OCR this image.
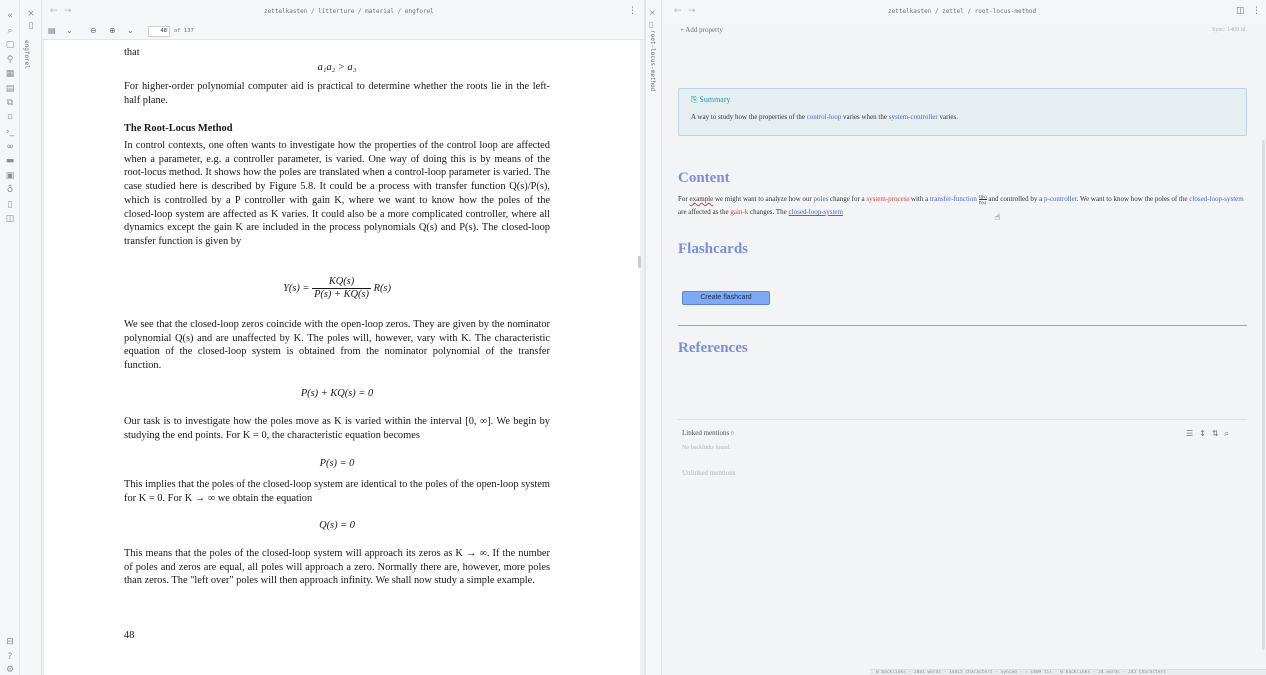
«
⌕
▢
⚲
▦
▤
⧉
⌑
›_
∞
▬
▣
♁
▯
◫
⊟
?
⚙
×
▯
engforel
← →	zettelkasten / litterture / material / engforel	⋮
▤ ⌄ ⊖ ⊕ ⌄	48	of 137
that
a₁a₂ > a₃
For higher-order polynomial computer aid is practical to determine whether the roots lie in the left-half plane.
The Root-Locus Method
In control contexts, one often wants to investigate how the properties of the control loop are affected when a parameter, e.g. a controller parameter, is varied. One way of doing this is by means of the root-locus method. It shows how the poles are translated when a control-loop parameter is varied. The case studied here is described by Figure 5.8. It could be a process with transfer function Q(s)/P(s), which is controlled by a P controller with gain K, where we want to know how the poles of the closed-loop system are affected as K varies. It could also be a more complicated controller, where all dynamics except the gain K are included in the process polynomials Q(s) and P(s). The closed-loop transfer function is given by
$Y(s) = \frac{KQ(s)}{P(s) + KQ(s)} R(s)$
We see that the closed-loop zeros coincide with the open-loop zeros. They are given by the nominator polynomial Q(s) and are unaffected by K. The poles will, however, vary with K. The characteristic equation of the closed-loop system is obtained from the nominator polynomial of the transfer function.
P(s) + KQ(s) = 0
Our task is to investigate how the poles move as K is varied within the interval [0, ∞]. We begin by studying the end points. For K = 0, the characteristic equation becomes
P(s) = 0
This implies that the poles of the closed-loop system are identical to the poles of the open-loop system for K = 0. For K → ∞ we obtain the equation
Q(s) = 0
This means that the poles of the closed-loop system will approach its zeros as K → ∞. If the number of poles and zeros are equal, all poles will approach a zero. Normally there are, however, more poles than zeros. The "left over" poles will then approach infinity. We shall now study a simple example.
48
×
▯
root-locus-method
← →	zettelkasten / zettel / root-locus-method	◫ ⋮
+ Add property	Sync: 1409 til
⎘ Summary
A way to study how the properties of the control-loop varies when the system-controller varies.
Content
For example we might want to analyze how our poles change for a system-process with a transfer-function $\frac{Q(s)}{P(s)}$ and controlled by a p-controller. We want to know how the poles of the closed-loop-system are affected as the gain-k changes. The closed-loop-system
☝
Flashcards
Create flashcard
References
Linked mentions 0	☰ ↕ ⇅ ⌕
No backlinks found.
Unlinked mentions
0 backlinks · 2081 words · 14015 characters · Synced · ✓ 1409 til · 0 backlinks · 24 words · 245 characters
